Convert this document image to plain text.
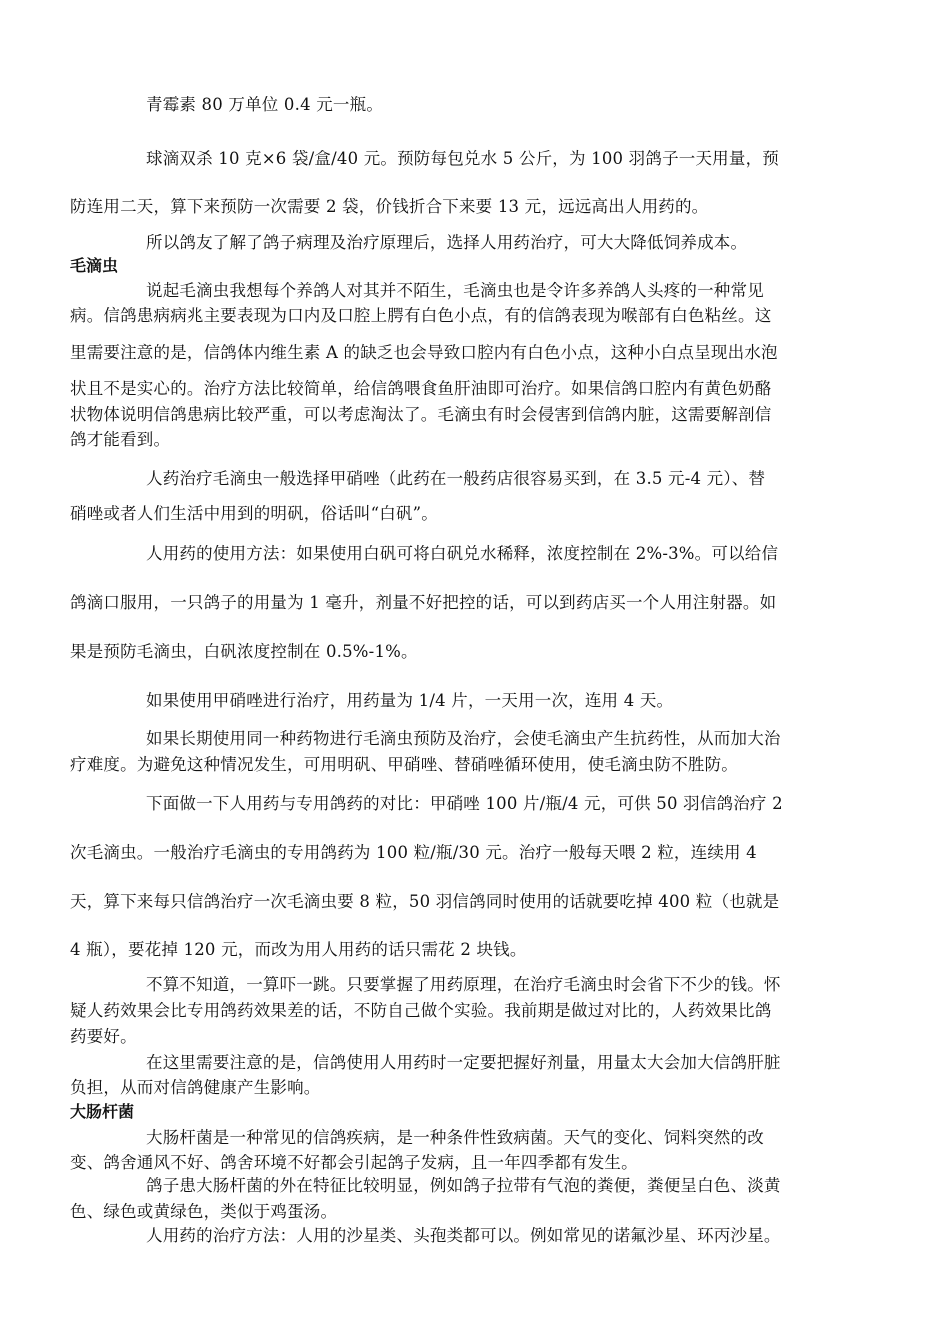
青霉素 80 万单位 0.4 元一瓶。
球滴双杀 10 克×6 袋/盒/40 元。预防每包兑水 5 公斤，为 100 羽鸽子一天用量，预
防连用二天，算下来预防一次需要 2 袋，价钱折合下来要 13 元，远远高出人用药的。
所以鸽友了解了鸽子病理及治疗原理后，选择人用药治疗，可大大降低饲养成本。
毛滴虫
说起毛滴虫我想每个养鸽人对其并不陌生，毛滴虫也是令许多养鸽人头疼的一种常见
病。信鸽患病病兆主要表现为口内及口腔上腭有白色小点，有的信鸽表现为喉部有白色粘丝。这
里需要注意的是，信鸽体内维生素 A 的缺乏也会导致口腔内有白色小点，这种小白点呈现出水泡
状且不是实心的。治疗方法比较简单，给信鸽喂食鱼肝油即可治疗。如果信鸽口腔内有黄色奶酪
状物体说明信鸽患病比较严重，可以考虑淘汰了。毛滴虫有时会侵害到信鸽内脏，这需要解剖信
鸽才能看到。
人药治疗毛滴虫一般选择甲硝唑（此药在一般药店很容易买到，在 3.5 元-4 元）、替
硝唑或者人们生活中用到的明矾，俗话叫“白矾”。
人用药的使用方法：如果使用白矾可将白矾兑水稀释，浓度控制在 2%-3%。可以给信
鸽滴口服用，一只鸽子的用量为 1 毫升，剂量不好把控的话，可以到药店买一个人用注射器。如
果是预防毛滴虫，白矾浓度控制在 0.5%-1%。
如果使用甲硝唑进行治疗，用药量为 1/4 片，一天用一次，连用 4 天。
如果长期使用同一种药物进行毛滴虫预防及治疗，会使毛滴虫产生抗药性，从而加大治
疗难度。为避免这种情况发生，可用明矾、甲硝唑、替硝唑循环使用，使毛滴虫防不胜防。
下面做一下人用药与专用鸽药的对比：甲硝唑 100 片/瓶/4 元，可供 50 羽信鸽治疗 2
次毛滴虫。一般治疗毛滴虫的专用鸽药为 100 粒/瓶/30 元。治疗一般每天喂 2 粒，连续用 4
天，算下来每只信鸽治疗一次毛滴虫要 8 粒，50 羽信鸽同时使用的话就要吃掉 400 粒（也就是
4 瓶），要花掉 120 元，而改为用人用药的话只需花 2 块钱。
不算不知道，一算吓一跳。只要掌握了用药原理，在治疗毛滴虫时会省下不少的钱。怀
疑人药效果会比专用鸽药效果差的话，不防自己做个实验。我前期是做过对比的，人药效果比鸽
药要好。
在这里需要注意的是，信鸽使用人用药时一定要把握好剂量，用量太大会加大信鸽肝脏
负担，从而对信鸽健康产生影响。
大肠杆菌
大肠杆菌是一种常见的信鸽疾病，是一种条件性致病菌。天气的变化、饲料突然的改
变、鸽舍通风不好、鸽舍环境不好都会引起鸽子发病，且一年四季都有发生。
鸽子患大肠杆菌的外在特征比较明显，例如鸽子拉带有气泡的粪便，粪便呈白色、淡黄
色、绿色或黄绿色，类似于鸡蛋汤。
人用药的治疗方法：人用的沙星类、头孢类都可以。例如常见的诺氟沙星、环丙沙星。
